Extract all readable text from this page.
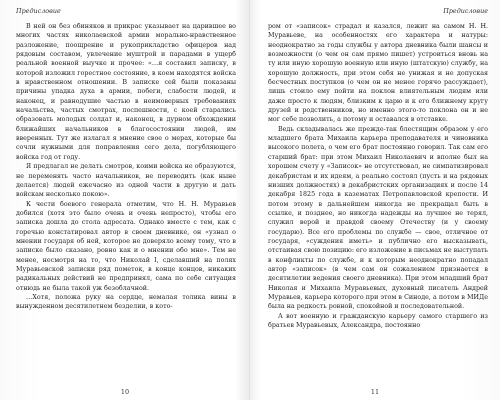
Предисловие

В ней он без обиняков и прикрас указывает на царившее во многих частях николаевской армии морально-нравственное разложение, поощрение и рукоприкладство офицеров над рядовым составом, увлечение муштрой и парадами в ущерб реальной военной выучке и прочее: «…я составил записку, в которой изложил горестное состояние, в коем находятся войска в нравственном отношении. В записке сей были показаны причины упадка духа в армии, побеги, слабости людей, и наконец, и равнодушие частью в неимоверных требованиях начальства, частых смотрах, поспешности, с коей старались образовать молодых солдат и, наконец, в дурном обхождении ближайших начальников в благосостоянии людей, им вверенных. Тут же излагал я мнение свое о мерах, которые бы сочли нужными для поправления сего дела, погубляющего войска год от году.

Я предлагал не делать смотров, коими войска не образуются, не переменять часто начальников, не переводить (как ныне делается) людей ежечасно из одной части в другую и дать войскам несколько покою».

К чести боевого генерала отметим, что Н. Н. Муравьев добился (хотя это было очень и очень непросто), чтобы его записка дошла до стола адресата. Однако вместе с тем, как с горечью констатировал автор в своем дневнике, он «узнал о мнении государя об ней, которое не доверяло всему тому, что в записке было сказано, ровно как и о мнении обо мне». Тем не менее, несмотря на то, что Николай I, сделавший на полях Муравьевской записки ряд пометок, в конце концов, никаких радикальных действий не предпринял, сама по себе ситуация отнюдь не была такой уж безоблачной.

…Хотя, положа руку на сердце, немалая толика вины в вынужденном десятилетнем безделии, в кото-

10
Предисловие

ром от «записок» страдал и казался, лежит на самом Н. Н. Муравьеве, на особенностях его характера и натуры: неоднократно за годы службы у автора дневника были шансы и возможности (о чем он сам прямо пишет) устроиться вновь на ту или иную хорошую военную или иную (штатскую) службу, на хорошую должность, при этом себя не унижая и не допуская бесчестных поступков (о чем он не менее горячо рассуждает), лишь стоило ему пойти на поклон влиятельным людям или даже просто к людям, близким к царю и к его ближнему кругу друзей и родственников, но именно этого-то поклона он и не мог себе позволить, а потому и оставался в отставке.

Ведь складывалась же прежде-так блестящим образом у его младшего брата Михаила карьера преподавателя и чиновника высокого полета, о чем его брат постоянно говорил. Так сам его старший брат: при этом Михаил Николаевич и вполне был на хорошем счету у «Записок» не отсутствовал, не симпатизировал декабристам и их идеям, а реально состоял (пусть и на рядовых низших должностях) в декабристских организациях и после 14 декабря 1825 года в казематах Петропавловской крепости. И потом этому в дальнейшем никогда не прекращал быть в ссылке, и позднее, но никогда надежды на лучшее не терял, служил верой и правдой своему Отечеству (и у своему государю). Все его проблемы по службе — свое, отличное от государя, «суждения иметь» и публично его высказывать, отстаивая свою позицию: его изложение в письмах не выступать в конфликты по службе, и к которым неоднократно попадал автор «записок» (в чем сам он сожалением признается в десятилетии ведения своего дневника). При этом младший брат Николая и Михаила Муравьевых, духовный писатель Андрей Муравьев, карьера которого при этом в Синоде, а потом в МИДе была на редкость ровной, спокойной и последовательной.

А вот военную и гражданскую карьеру самого старшего из братьев Муравьевых, Александра, постоянно

11
